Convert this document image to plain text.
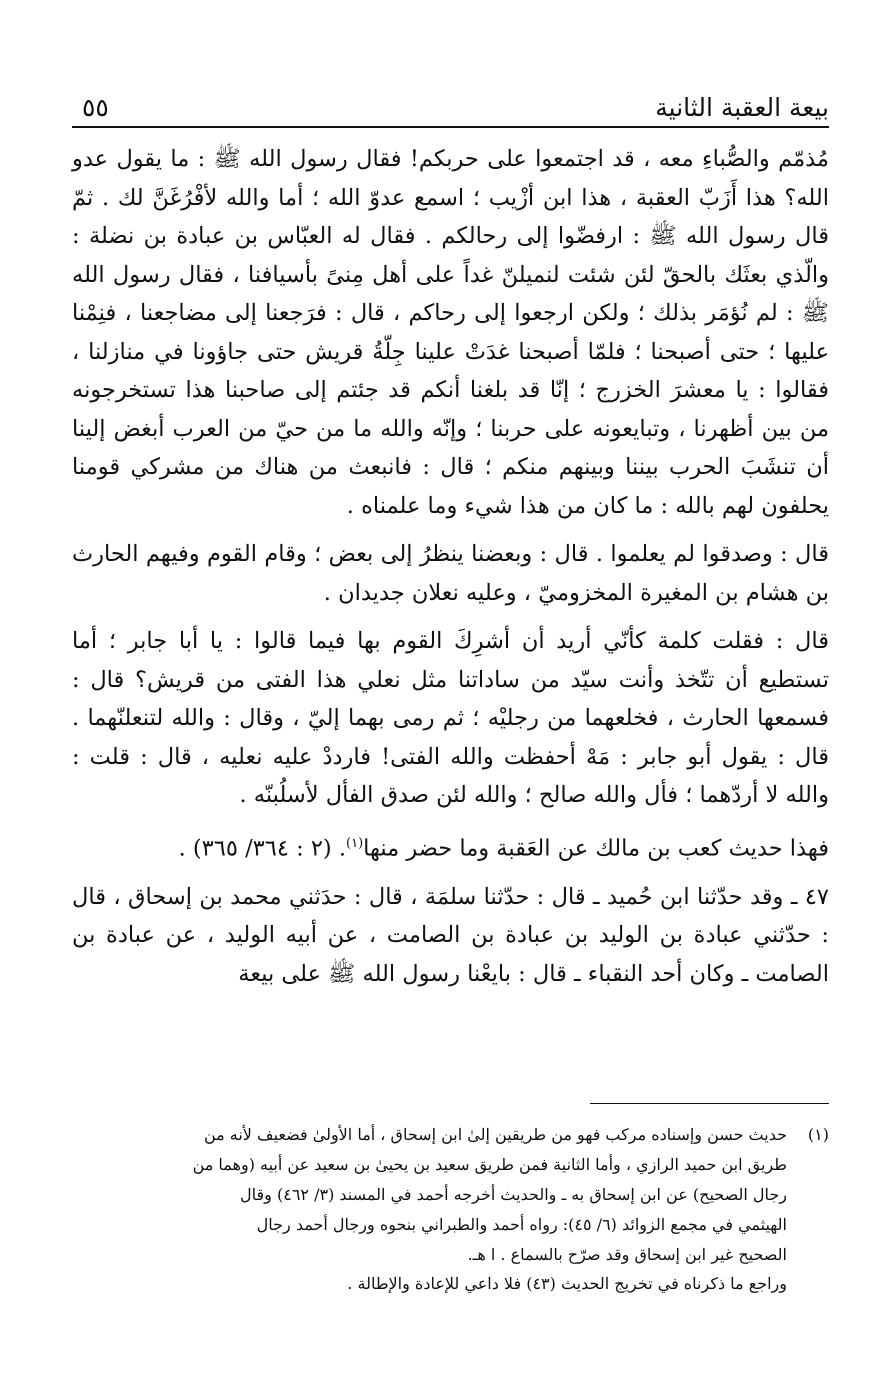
٥٥	بيعة العقبة الثانية

مُذمّم والصُّباءِ معه ، قد اجتمعوا على حربكم! فقال رسول الله ﷺ : ما يقول عدو الله؟ هذا أَزَبّ العقبة ، هذا ابن أزْيب ؛ اسمع عدوّ الله ؛ أما والله لأفْرُغَنَّ لك . ثمّ قال رسول الله ﷺ : ارفضّوا إلى رحالكم . فقال له العبّاس بن عبادة بن نضلة : والّذي بعثَك بالحقّ لئن شئت لنميلنّ غداً على أهل مِنىً بأسيافنا ، فقال رسول الله ﷺ : لم نُؤمَر بذلك ؛ ولكن ارجعوا إلى رحاكم ، قال : فرَجعنا إلى مضاجعنا ، فنِمْنا عليها ؛ حتى أصبحنا ؛ فلمّا أصبحنا غدَتْ علينا جِلّةُ قريش حتى جاؤونا في منازلنا ، فقالوا : يا معشرَ الخزرج ؛ إنّا قد بلغنا أنكم قد جئتم إلى صاحبنا هذا تستخرجونه من بين أظهرنا ، وتبايعونه على حربنا ؛ وإنّه والله ما من حيّ من العرب أبغض إلينا أن تنشَبَ الحرب بيننا وبينهم منكم ؛ قال : فانبعث من هناك من مشركي قومنا يحلفون لهم بالله : ما كان من هذا شيء وما علمناه .

قال : وصدقوا لم يعلموا . قال : وبعضنا ينظرُ إلى بعض ؛ وقام القوم وفيهم الحارث بن هشام بن المغيرة المخزوميّ ، وعليه نعلان جديدان .

قال : فقلت كلمة كأنّي أريد أن أشرِكَ القوم بها فيما قالوا : يا أبا جابر ؛ أما تستطيع أن تتّخذ وأنت سيّد من ساداتنا مثل نعلي هذا الفتى من قريش؟ قال : فسمعها الحارث ، فخلعهما من رجليْه ؛ ثم رمى بهما إليّ ، وقال : والله لتنعلنّهما . قال : يقول أبو جابر : مَهْ أحفظت والله الفتى! فارددْ عليه نعليه ، قال : قلت : والله لا أردّهما ؛ فأل والله صالح ؛ والله لئن صدق الفأل لأسلُبنّه .

فهذا حديث كعب بن مالك عن العَقبة وما حضر منها$^{(١)}$. (٢ : ٣٦٤/ ٣٦٥) .

٤٧ ـ وقد حدّثنا ابن حُميد ـ قال : حدّثنا سلمَة ، قال : حدَثني محمد بن إسحاق ، قال : حدّثني عبادة بن الوليد بن عبادة بن الصامت ، عن أبيه الوليد ، عن عبادة بن الصامت ـ وكان أحد النقباء ـ قال : بايعْنا رسول الله ﷺ على بيعة

(١)

حديث حسن وإسناده مركب فهو من طريقين إلىٰ ابن إسحاق ، أما الأولىٰ فضعيف لأنه من

طريق ابن حميد الرازي ، وأما الثانية فمن طريق سعيد بن يحيىٰ بن سعيد عن أبيه (وهما من

رجال الصحيح) عن ابن إسحاق به ـ والحديث أخرجه أحمد في المسند (٣/ ٤٦٢) وقال

الهيثمي في مجمع الزوائد (٦/ ٤٥): رواه أحمد والطبراني بنحوه ورجال أحمد رجال

الصحيح غير ابن إسحاق وقد صرّح بالسماع . ا هـ.

وراجع ما ذكرناه في تخريج الحديث (٤٣) فلا داعي للإعادة والإطالة .
